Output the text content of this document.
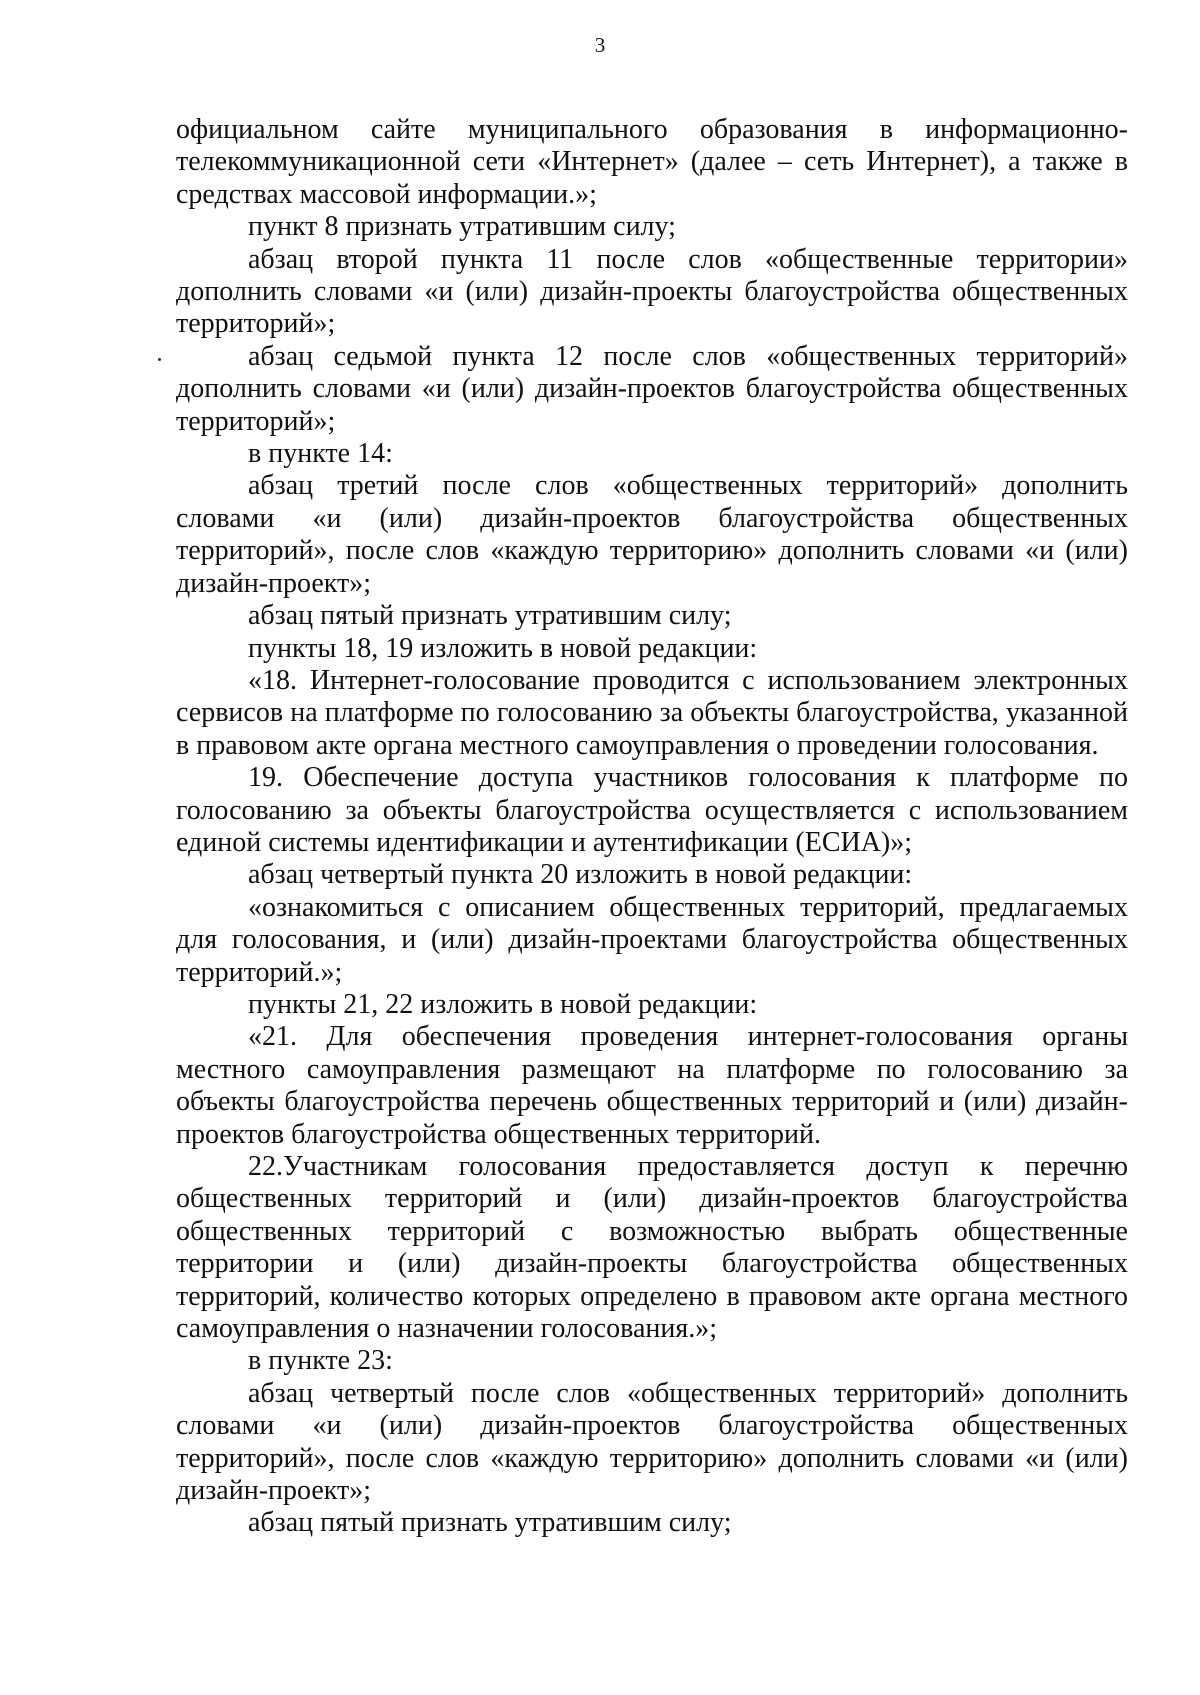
3

официальном сайте муниципального образования в информационно-телекоммуникационной сети «Интернет» (далее – сеть Интернет), а также в средствах массовой информации.»;

пункт 8 признать утратившим силу;

абзац второй пункта 11 после слов «общественные территории» дополнить словами «и (или) дизайн-проекты благоустройства общественных территорий»;

абзац седьмой пункта 12 после слов «общественных территорий» дополнить словами «и (или) дизайн-проектов благоустройства общественных территорий»;

в пункте 14:

абзац третий после слов «общественных территорий» дополнить словами «и (или) дизайн-проектов благоустройства общественных территорий», после слов «каждую территорию» дополнить словами «и (или) дизайн-проект»;

абзац пятый признать утратившим силу;

пункты 18, 19 изложить в новой редакции:

«18. Интернет-голосование проводится с использованием электронных сервисов на платформе по голосованию за объекты благоустройства, указанной в правовом акте органа местного самоуправления о проведении голосования.

19. Обеспечение доступа участников голосования к платформе по голосованию за объекты благоустройства осуществляется с использованием единой системы идентификации и аутентификации (ЕСИА)»;

абзац четвертый пункта 20 изложить в новой редакции:

«ознакомиться с описанием общественных территорий, предлагаемых для голосования, и (или) дизайн-проектами благоустройства общественных территорий.»;

пункты 21, 22 изложить в новой редакции:

«21. Для обеспечения проведения интернет-голосования органы местного самоуправления размещают на платформе по голосованию за объекты благоустройства перечень общественных территорий и (или) дизайн-проектов благоустройства общественных территорий.

22.Участникам голосования предоставляется доступ к перечню общественных территорий и (или) дизайн-проектов благоустройства общественных территорий с возможностью выбрать общественные территории и (или) дизайн-проекты благоустройства общественных территорий, количество которых определено в правовом акте органа местного самоуправления о назначении голосования.»;

в пункте 23:

абзац четвертый после слов «общественных территорий» дополнить словами «и (или) дизайн-проектов благоустройства общественных территорий», после слов «каждую территорию» дополнить словами «и (или) дизайн-проект»;

абзац пятый признать утратившим силу;
